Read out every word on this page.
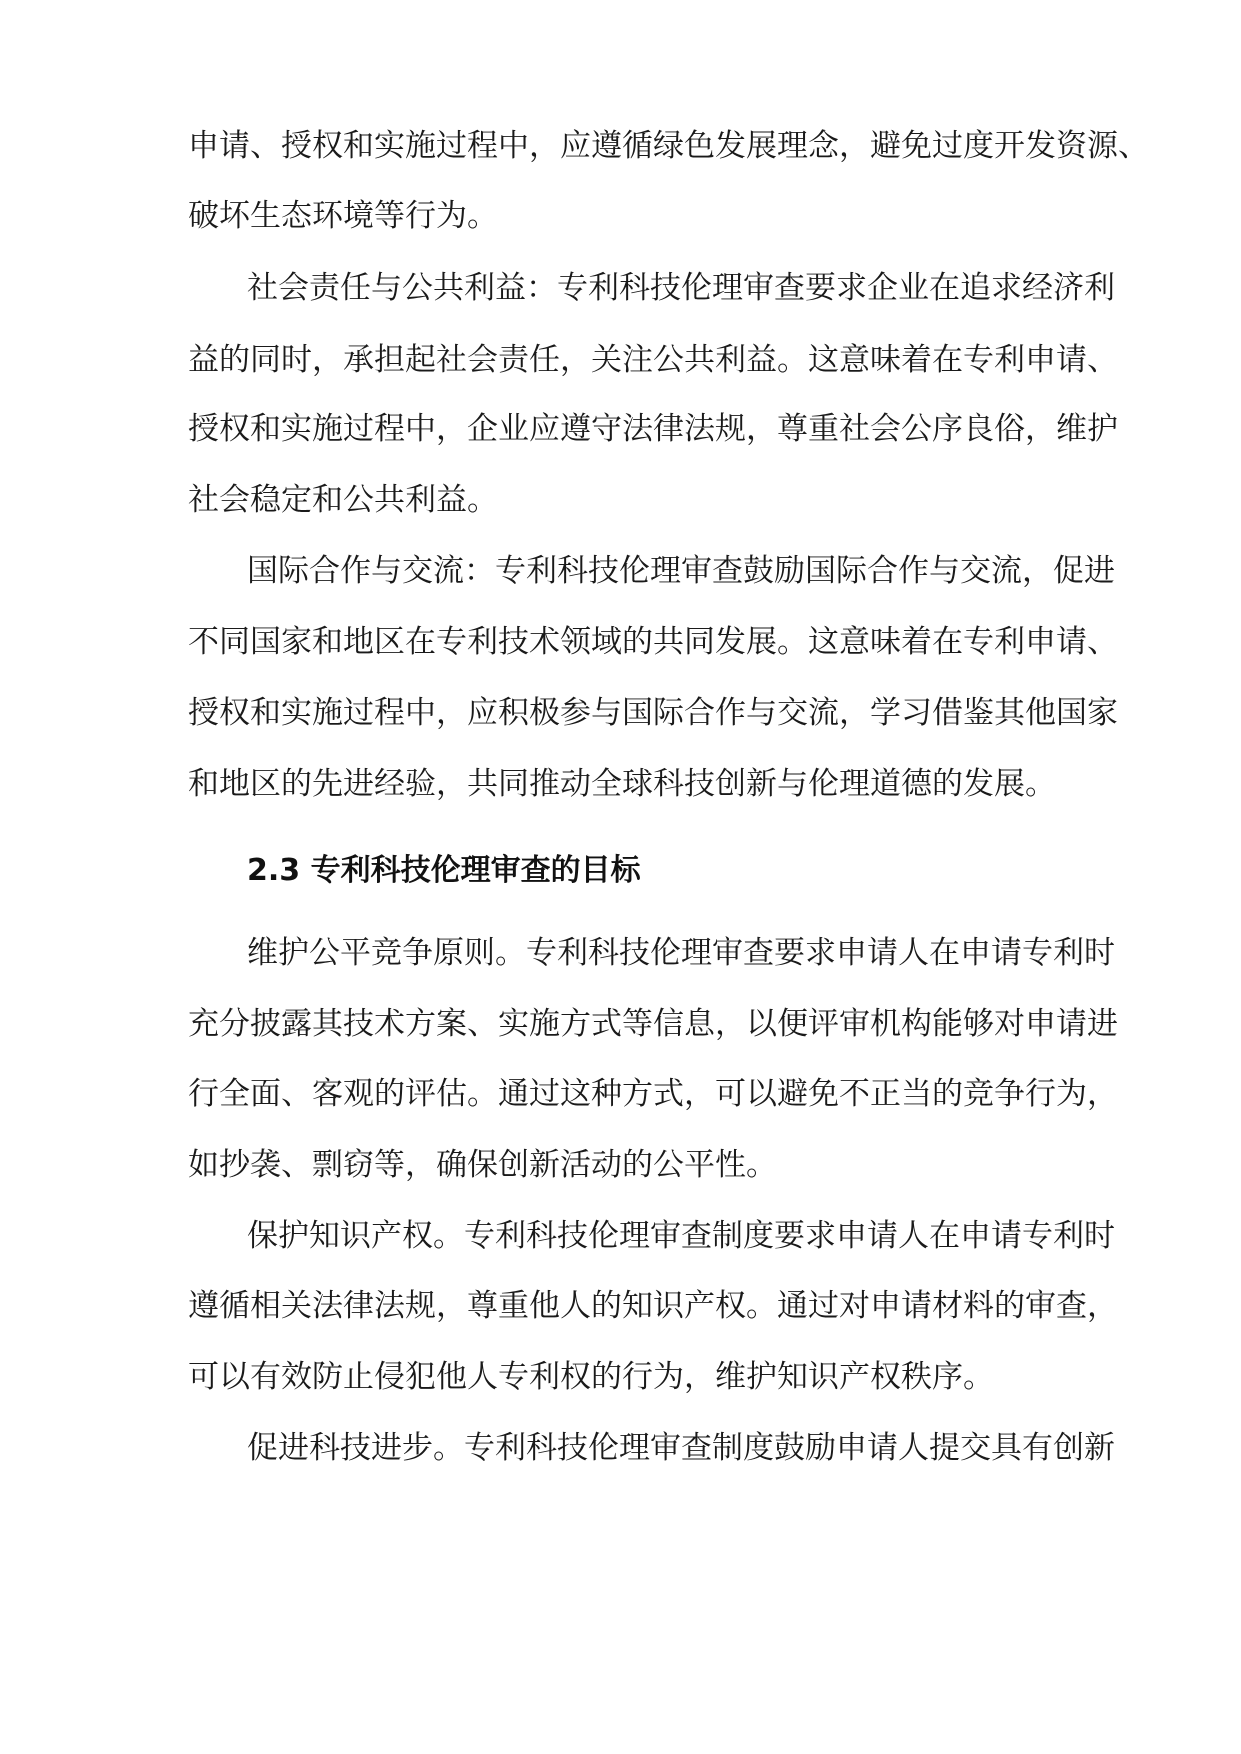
申请、授权和实施过程中，应遵循绿色发展理念，避免过度开发资源、
破坏生态环境等行为。
社会责任与公共利益：专利科技伦理审查要求企业在追求经济利
益的同时，承担起社会责任，关注公共利益。这意味着在专利申请、
授权和实施过程中，企业应遵守法律法规，尊重社会公序良俗，维护
社会稳定和公共利益。
国际合作与交流：专利科技伦理审查鼓励国际合作与交流，促进
不同国家和地区在专利技术领域的共同发展。这意味着在专利申请、
授权和实施过程中，应积极参与国际合作与交流，学习借鉴其他国家
和地区的先进经验，共同推动全球科技创新与伦理道德的发展。
2.3 专利科技伦理审查的目标
维护公平竞争原则。专利科技伦理审查要求申请人在申请专利时
充分披露其技术方案、实施方式等信息，以便评审机构能够对申请进
行全面、客观的评估。通过这种方式，可以避免不正当的竞争行为，
如抄袭、剽窃等，确保创新活动的公平性。
保护知识产权。专利科技伦理审查制度要求申请人在申请专利时
遵循相关法律法规，尊重他人的知识产权。通过对申请材料的审查，
可以有效防止侵犯他人专利权的行为，维护知识产权秩序。
促进科技进步。专利科技伦理审查制度鼓励申请人提交具有创新
